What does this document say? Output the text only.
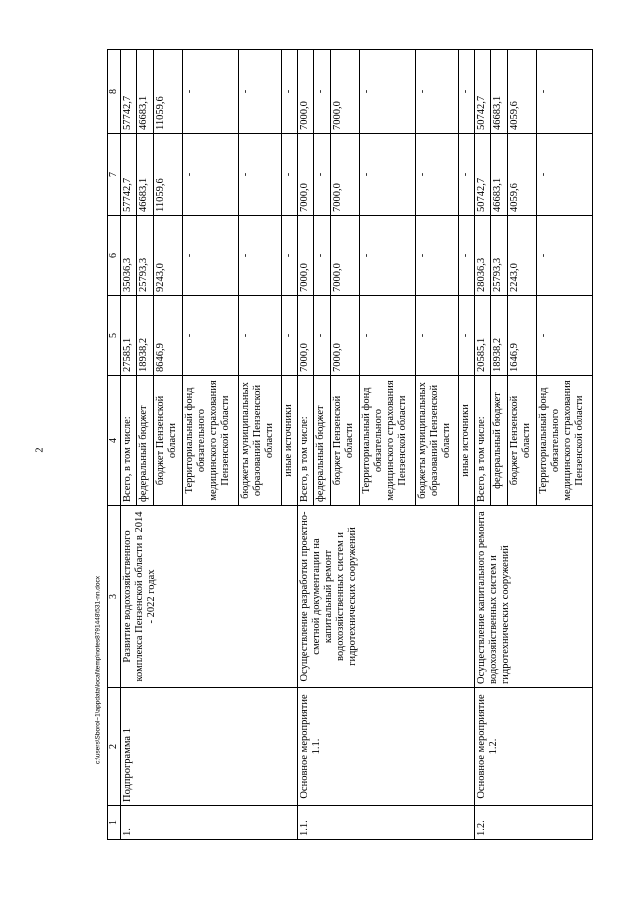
2
c:\users\Sborol~1\appdata\local\temp\notes8791448\531-nn.docx
1	2	3	4	5	6	7	8
1.	Подпрограмма 1	Развитие водохозяйственного комплекса Пензенской области в 2014 - 2022 годах	Всего, в том числе:	27585,1	35036,3	57742,7	57742,7
			федеральный бюджет	18938,2	25793,3	46683,1	46683,1
			бюджет Пензенской области	8646,9	9243,0	11059,6	11059,6
			Территориальный фонд обязательного медицинского страхования Пензенской области	-	-	-	-
			бюджеты муниципальных образований Пензенской области	-	-	-	-
			иные источники	-	-	-	-
1.1.	Основное мероприятие 1.1.	Осуществление разработки проектно-сметной документации на капитальный ремонт водохозяйственных систем и гидротехнических сооружений	Всего, в том числе:	7000,0	7000,0	7000,0	7000,0
			федеральный бюджет	-	-	-	-
			бюджет Пензенской области	7000,0	7000,0	7000,0	7000,0
			Территориальный фонд обязательного медицинского страхования Пензенской области	-	-	-	-
			бюджеты муниципальных образований Пензенской области	-	-	-	-
			иные источники	-	-	-	-
1.2.	Основное мероприятие 1.2.	Осуществление капитального ремонта водохозяйственных систем и гидротехнических сооружений	Всего, в том числе:	20585,1	28036,3	50742,7	50742,7
			федеральный бюджет	18938,2	25793,3	46683,1	46683,1
			бюджет Пензенской области	1646,9	2243,0	4059,6	4059,6
			Территориальный фонд обязательного медицинского страхования Пензенской области	-	-	-	-
